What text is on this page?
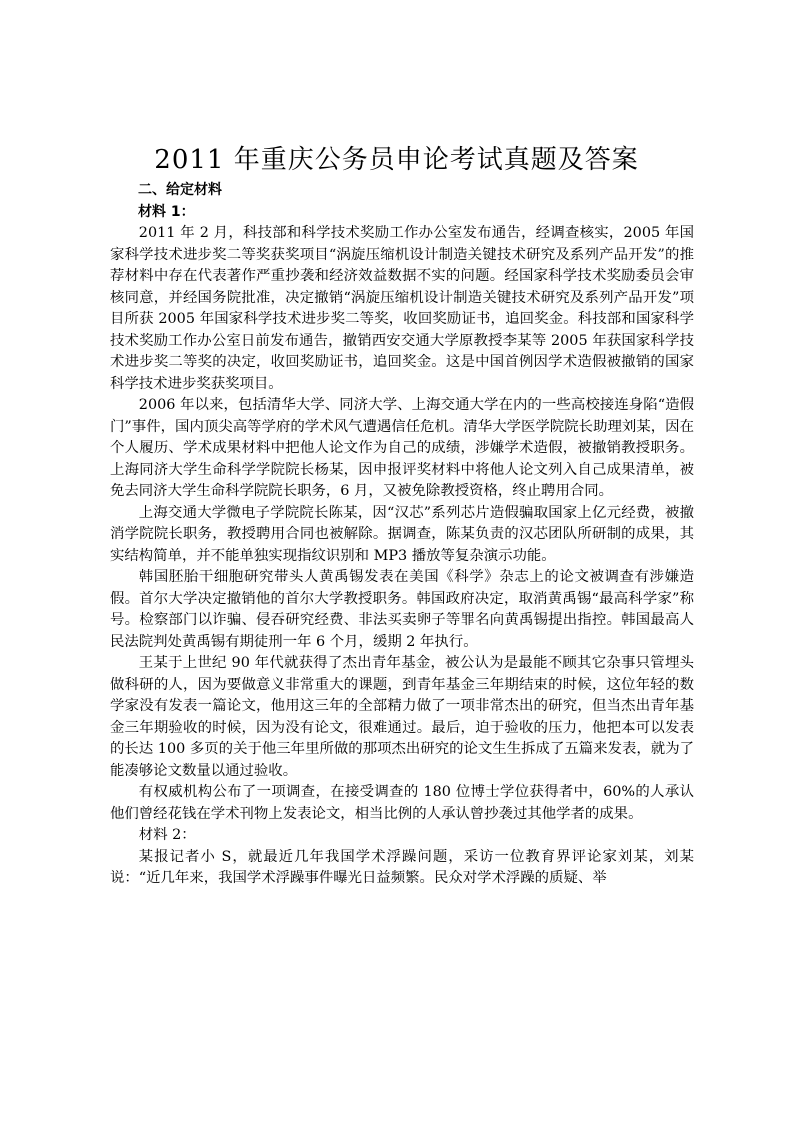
2011 年重庆公务员申论考试真题及答案

二、给定材料

材料 1：

2011 年 2 月，科技部和科学技术奖励工作办公室发布通告，经调查核实，2005 年国家科学技术进步奖二等奖获奖项目“涡旋压缩机设计制造关键技术研究及系列产品开发”的推荐材料中存在代表著作严重抄袭和经济效益数据不实的问题。经国家科学技术奖励委员会审核同意，并经国务院批准，决定撤销“涡旋压缩机设计制造关键技术研究及系列产品开发”项目所获 2005 年国家科学技术进步奖二等奖，收回奖励证书，追回奖金。科技部和国家科学技术奖励工作办公室日前发布通告，撤销西安交通大学原教授李某等 2005 年获国家科学技术进步奖二等奖的决定，收回奖励证书，追回奖金。这是中国首例因学术造假被撤销的国家科学技术进步奖获奖项目。

2006 年以来，包括清华大学、同济大学、上海交通大学在内的一些高校接连身陷“造假门”事件，国内顶尖高等学府的学术风气遭遇信任危机。清华大学医学院院长助理刘某，因在个人履历、学术成果材料中把他人论文作为自己的成绩，涉嫌学术造假，被撤销教授职务。上海同济大学生命科学学院院长杨某，因申报评奖材料中将他人论文列入自己成果清单，被免去同济大学生命科学院院长职务，6 月，又被免除教授资格，终止聘用合同。

上海交通大学微电子学院院长陈某，因“汉芯”系列芯片造假骗取国家上亿元经费，被撤消学院院长职务，教授聘用合同也被解除。据调查，陈某负责的汉芯团队所研制的成果，其实结构简单，并不能单独实现指纹识别和 MP3 播放等复杂演示功能。

韩国胚胎干细胞研究带头人黄禹锡发表在美国《科学》杂志上的论文被调查有涉嫌造假。首尔大学决定撤销他的首尔大学教授职务。韩国政府决定，取消黄禹锡“最高科学家”称号。检察部门以诈骗、侵吞研究经费、非法买卖卵子等罪名向黄禹锡提出指控。韩国最高人民法院判处黄禹锡有期徒刑一年 6 个月，缓期 2 年执行。

王某于上世纪 90 年代就获得了杰出青年基金，被公认为是最能不顾其它杂事只管埋头做科研的人，因为要做意义非常重大的课题，到青年基金三年期结束的时候，这位年轻的数学家没有发表一篇论文，他用这三年的全部精力做了一项非常杰出的研究，但当杰出青年基金三年期验收的时候，因为没有论文，很难通过。最后，迫于验收的压力，他把本可以发表的长达 100 多页的关于他三年里所做的那项杰出研究的论文生生拆成了五篇来发表，就为了能凑够论文数量以通过验收。

有权威机构公布了一项调查，在接受调查的 180 位博士学位获得者中，60%的人承认他们曾经花钱在学术刊物上发表论文，相当比例的人承认曾抄袭过其他学者的成果。

材料 2：

某报记者小 S，就最近几年我国学术浮躁问题，采访一位教育界评论家刘某，刘某说：“近几年来，我国学术浮躁事件曝光日益频繁。民众对学术浮躁的质疑、举
